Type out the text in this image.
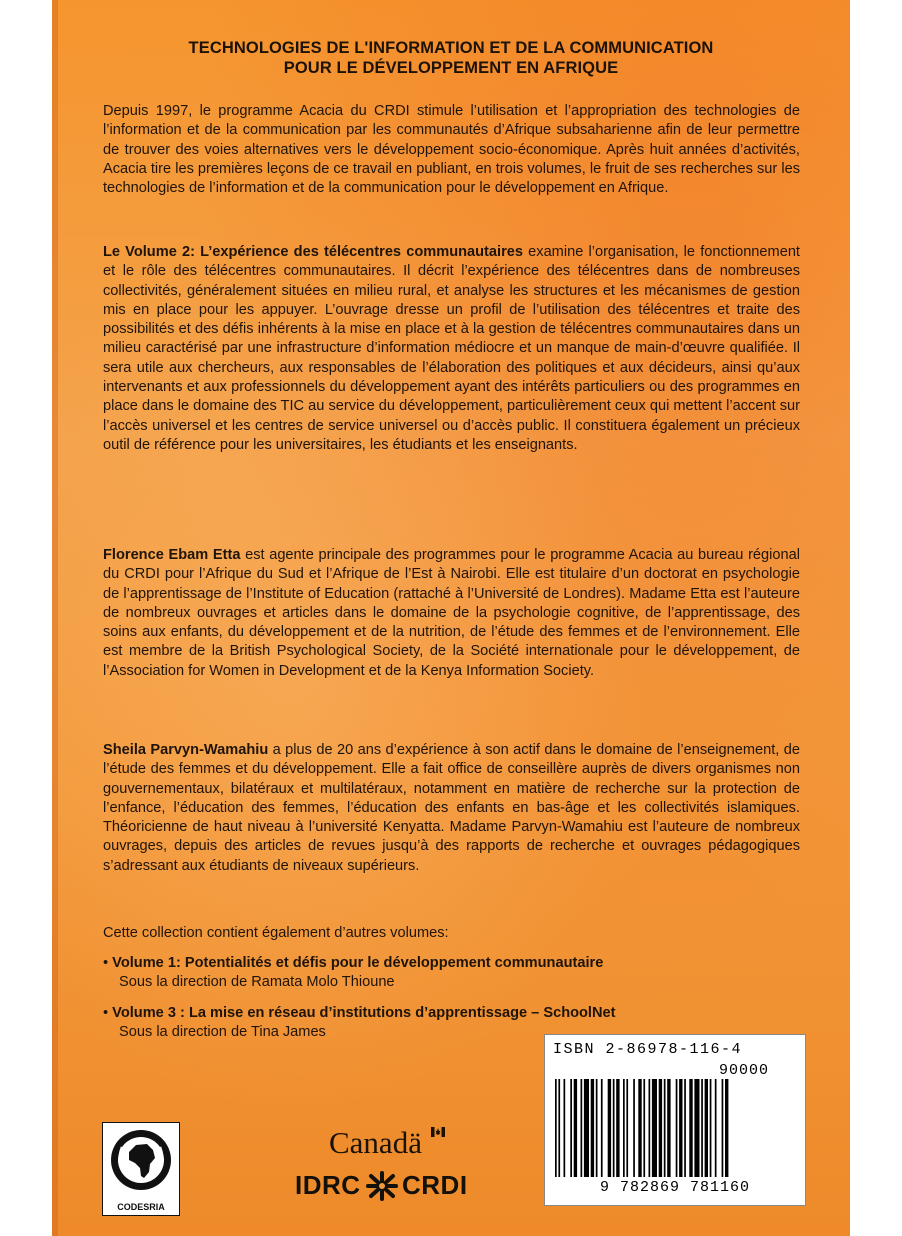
TECHNOLOGIES DE L'INFORMATION ET DE LA COMMUNICATION
POUR LE DÉVELOPPEMENT EN AFRIQUE

Depuis 1997, le programme Acacia du CRDI stimule l’utilisation et l’appropriation des technologies de l’information et de la communication par les communautés d’Afrique subsaharienne afin de leur permettre de trouver des voies alternatives vers le développement socio-économique. Après huit années d’activités, Acacia tire les premières leçons de ce travail en publiant, en trois volumes, le fruit de ses recherches sur les technologies de l’information et de la communication pour le développement en Afrique.

Le Volume 2: L’expérience des télécentres communautaires examine l’organisation, le fonctionnement et le rôle des télécentres communautaires. Il décrit l’expérience des télécentres dans de nombreuses collectivités, généralement situées en milieu rural, et analyse les structures et les mécanismes de gestion mis en place pour les appuyer. L’ouvrage dresse un profil de l’utilisation des télécentres et traite des possibilités et des défis inhérents à la mise en place et à la gestion de télécentres communautaires dans un milieu caractérisé par une infrastructure d’information médiocre et un manque de main-d’œuvre qualifiée. Il sera utile aux chercheurs, aux responsables de l’élaboration des politiques et aux décideurs, ainsi qu’aux intervenants et aux professionnels du développement ayant des intérêts particuliers ou des programmes en place dans le domaine des TIC au service du développement, particulièrement ceux qui mettent l’accent sur l’accès universel et les centres de service universel ou d’accès public. Il constituera également un précieux outil de référence pour les universitaires, les étudiants et les enseignants.

Florence Ebam Etta est agente principale des programmes pour le programme Acacia au bureau régional du CRDI pour l’Afrique du Sud et l’Afrique de l’Est à Nairobi. Elle est titulaire d’un doctorat en psychologie de l’apprentissage de l’Institute of Education (rattaché à l’Université de Londres). Madame Etta est l’auteure de nombreux ouvrages et articles dans le domaine de la psychologie cognitive, de l’apprentissage, des soins aux enfants, du développement et de la nutrition, de l’étude des femmes et de l’environnement. Elle est membre de la British Psychological Society, de la Société internationale pour le développement, de l’Association for Women in Development et de la Kenya Information Society.

Sheila Parvyn-Wamahiu a plus de 20 ans d’expérience à son actif dans le domaine de l’enseignement, de l’étude des femmes et du développement. Elle a fait office de conseillère auprès de divers organismes non gouvernementaux, bilatéraux et multilatéraux, notamment en matière de recherche sur la protection de l’enfance, l’éducation des femmes, l’éducation des enfants en bas-âge et les collectivités islamiques. Théoricienne de haut niveau à l’université Kenyatta. Madame Parvyn-Wamahiu est l’auteure de nombreux ouvrages, depuis des articles de revues jusqu’à des rapports de recherche et ouvrages pédagogiques s’adressant aux étudiants de niveaux supérieurs.

Cette collection contient également d’autres volumes:
• Volume 1: Potentialités et défis pour le développement communautaire
Sous la direction de Ramata Molo Thioune
• Volume 3 : La mise en réseau d’institutions d’apprentissage – SchoolNet
Sous la direction de Tina James
ISBN 2-86978-116-4
90000
9 782869 781160
CODESRIA
Canadä
IDRC CRDI
